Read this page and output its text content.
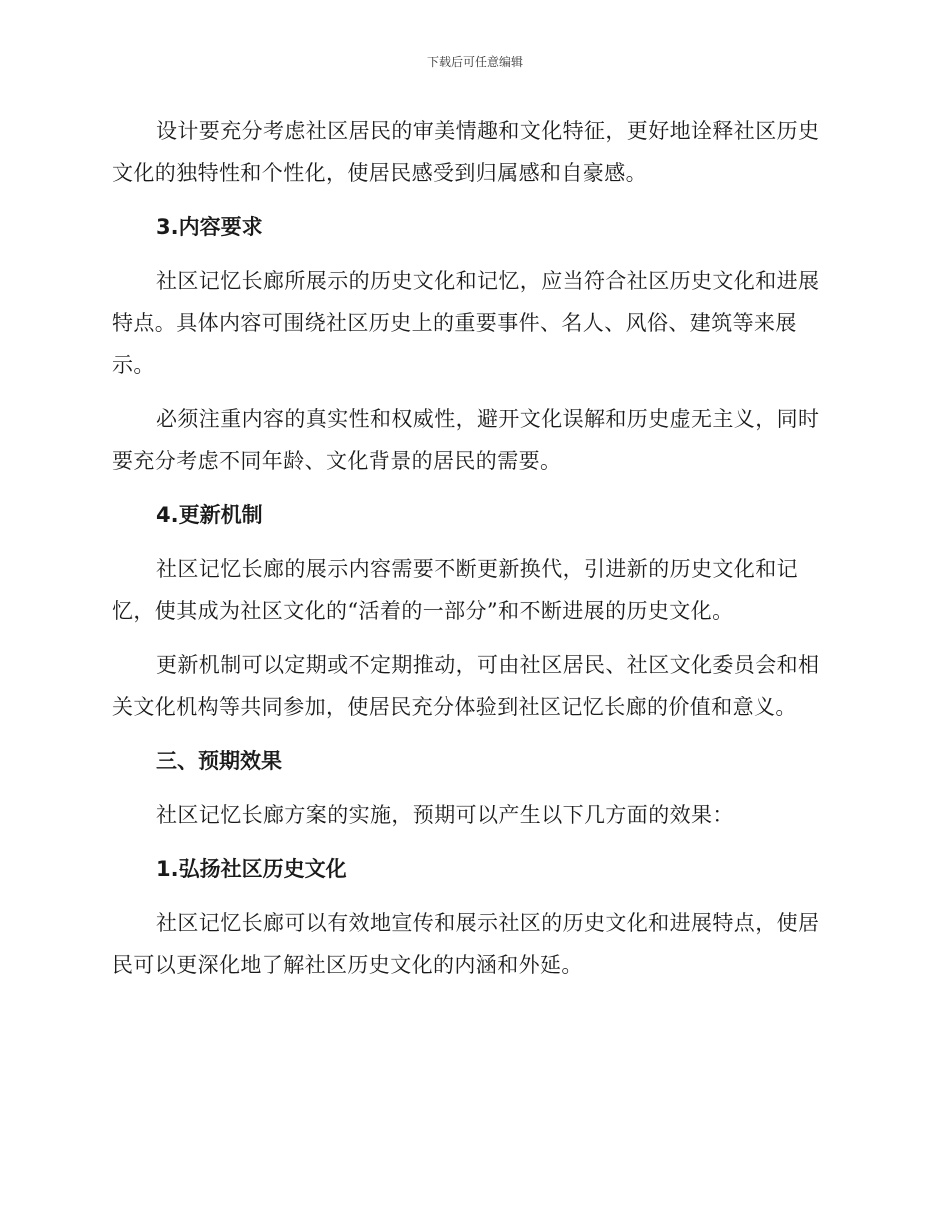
下载后可任意编辑

设计要充分考虑社区居民的审美情趣和文化特征，更好地诠释社区历史文化的独特性和个性化，使居民感受到归属感和自豪感。

3.内容要求

社区记忆长廊所展示的历史文化和记忆，应当符合社区历史文化和进展特点。具体内容可围绕社区历史上的重要事件、名人、风俗、建筑等来展示。

必须注重内容的真实性和权威性，避开文化误解和历史虚无主义，同时要充分考虑不同年龄、文化背景的居民的需要。

4.更新机制

社区记忆长廊的展示内容需要不断更新换代，引进新的历史文化和记忆，使其成为社区文化的“活着的一部分”和不断进展的历史文化。

更新机制可以定期或不定期推动，可由社区居民、社区文化委员会和相关文化机构等共同参加，使居民充分体验到社区记忆长廊的价值和意义。

三、预期效果

社区记忆长廊方案的实施，预期可以产生以下几方面的效果：

1.弘扬社区历史文化

社区记忆长廊可以有效地宣传和展示社区的历史文化和进展特点，使居民可以更深化地了解社区历史文化的内涵和外延。
